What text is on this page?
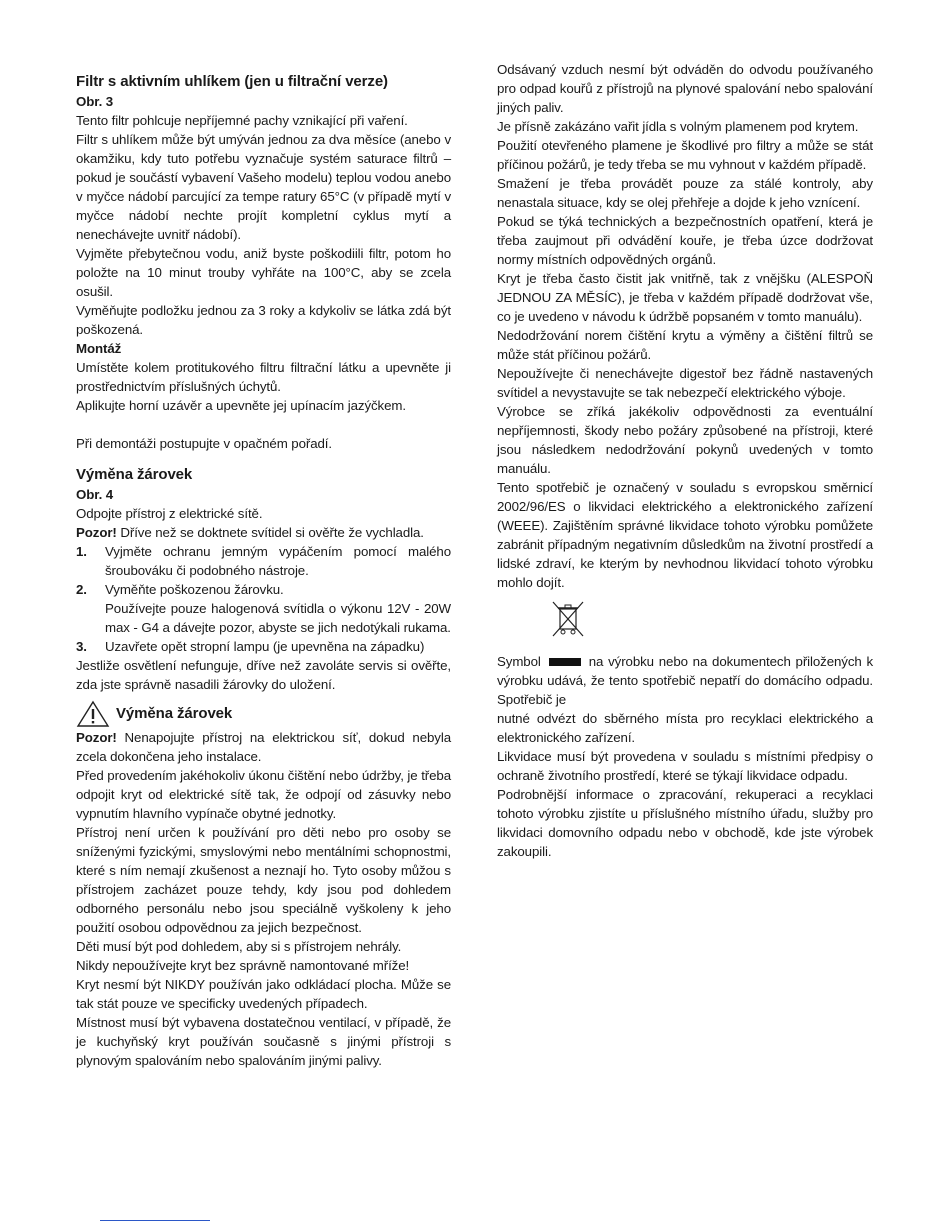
Filtr s aktivním uhlíkem (jen u filtrační verze)

Obr. 3

Tento filtr pohlcuje nepříjemné pachy vznikající při vaření.

Filtr s uhlíkem může být umýván jednou za dva měsíce (anebo v okamžiku, kdy tuto potřebu vyznačuje systém saturace filtrů – pokud je součástí vybavení Vašeho modelu) teplou vodou anebo v myčce nádobí parcující za tempe ratury 65°C (v případě mytí v myčce nádobí nechte projít kompletní cyklus mytí a nenechávejte uvnitř nádobí).

Vyjměte přebytečnou vodu, aniž byste poškodiili filtr, potom ho položte na 10 minut trouby vyhřáte na 100°C, aby se zcela osušil.

Vyměňujte podložku jednou za 3 roky a kdykoliv se látka zdá být poškozená.

Montáž

Umístěte kolem protitukového filtru filtrační látku a upevněte ji prostřednictvím příslušných úchytů.

Aplikujte horní uzávěr a upevněte jej upínacím jazýčkem.

Při demontáži postupujte v opačném pořadí.

Výměna žárovek

Obr. 4

Odpojte přístroj z elektrické sítě.

Pozor! Dříve než se doktnete svítidel si ověřte že vychladla.

1.	Vyjměte ochranu jemným vypáčením pomocí malého šroubováku či podobného nástroje.
2.	Vyměňte poškozenou žárovku.

Používejte pouze halogenová svítidla o výkonu 12V - 20W max - G4 a dávejte pozor, abyste se jich nedotýkali rukama.
3.	Uzavřete opět stropní lampu (je upevněna na západku)

Jestliže osvětlení nefunguje, dříve než zavoláte servis si ověřte, zda jste správně nasadili žárovky do uložení.

Výměna žárovek

Pozor! Nenapojujte přístroj na elektrickou síť, dokud nebyla zcela dokončena jeho instalace.

Před provedením jakéhokoliv úkonu čištění nebo údržby, je třeba odpojit kryt od elektrické sítě tak, že odpojí od zásuvky nebo vypnutím hlavního vypínače obytné jednotky.

Přístroj není určen k používání pro děti nebo pro osoby se sníženými fyzickými, smyslovými nebo mentálními schopnostmi, které s ním nemají zkušenost a neznají ho. Tyto osoby můžou s přístrojem zacházet pouze tehdy, kdy jsou pod dohledem odborného personálu nebo jsou speciálně vyškoleny k jeho použití osobou odpovědnou za jejich bezpečnost.

Děti musí být pod dohledem, aby si s přístrojem nehrály.

Nikdy nepoužívejte kryt bez správně namontované mříže!

Kryt nesmí být NIKDY používán jako odkládací plocha. Může se tak stát pouze ve specificky uvedených případech.

Místnost musí být vybavena dostatečnou ventilací, v případě, že je kuchyňský kryt používán současně s jinými přístroji s plynovým spalováním nebo spalováním jinými palivy.

Odsávaný vzduch nesmí být odváděn do odvodu používaného pro odpad kouřů z přístrojů na plynové spalování nebo spalování jiných paliv.

Je přísně zakázáno vařit jídla s volným plamenem pod krytem.

Použití otevřeného plamene je škodlivé pro filtry a může se stát příčinou požárů, je tedy třeba se mu vyhnout v každém případě.

Smažení je třeba provádět pouze za stálé kontroly, aby nenastala situace, kdy se olej přehřeje a dojde k jeho vznícení.

Pokud se týká technických a bezpečnostních opatření, která je třeba zaujmout při odvádění kouře, je třeba úzce dodržovat normy místních odpovědných orgánů.

Kryt je třeba často čistit jak vnitřně, tak z vnějšku (ALESPOŇ JEDNOU ZA MĚSÍC), je třeba v každém případě dodržovat vše, co je uvedeno v návodu k údržbě popsaném v tomto manuálu).

Nedodržování norem čištění krytu a výměny a čištění filtrů se může stát příčinou požárů.

Nepoužívejte či nenechávejte digestoř bez řádně nastavených svítidel a nevystavujte se tak nebezpečí elektrického výboje.

Výrobce se zříká jakékoliv odpovědnosti za eventuální nepříjemnosti, škody nebo požáry způsobené na přístroji, které jsou následkem nedodržování pokynů uvedených v tomto manuálu.

Tento spotřebič je označený v souladu s evropskou směrnicí 2002/96/ES o likvidaci elektrického a elektronického zařízení (WEEE). Zajištěním správné likvidace tohoto výrobku pomůžete zabránit případným negativním důsledkům na životní prostředí a lidské zdraví, ke kterým by nevhodnou likvidací tohoto výrobku mohlo dojít.

Symbol	na výrobku nebo na dokumentech přiložených k výrobku udává, že tento spotřebič nepatří do domácího odpadu. Spotřebič je

nutné odvézt do sběrného místa pro recyklaci elektrického a elektronického zařízení.

Likvidace musí být provedena v souladu s místními předpisy o ochraně životního prostředí, které se týkají likvidace odpadu.

Podrobnější informace o zpracování, rekuperaci a recyklaci tohoto výrobku zjistíte u příslušného místního úřadu, služby pro likvidaci domovního odpadu nebo v obchodě, kde jste výrobek zakoupili.
